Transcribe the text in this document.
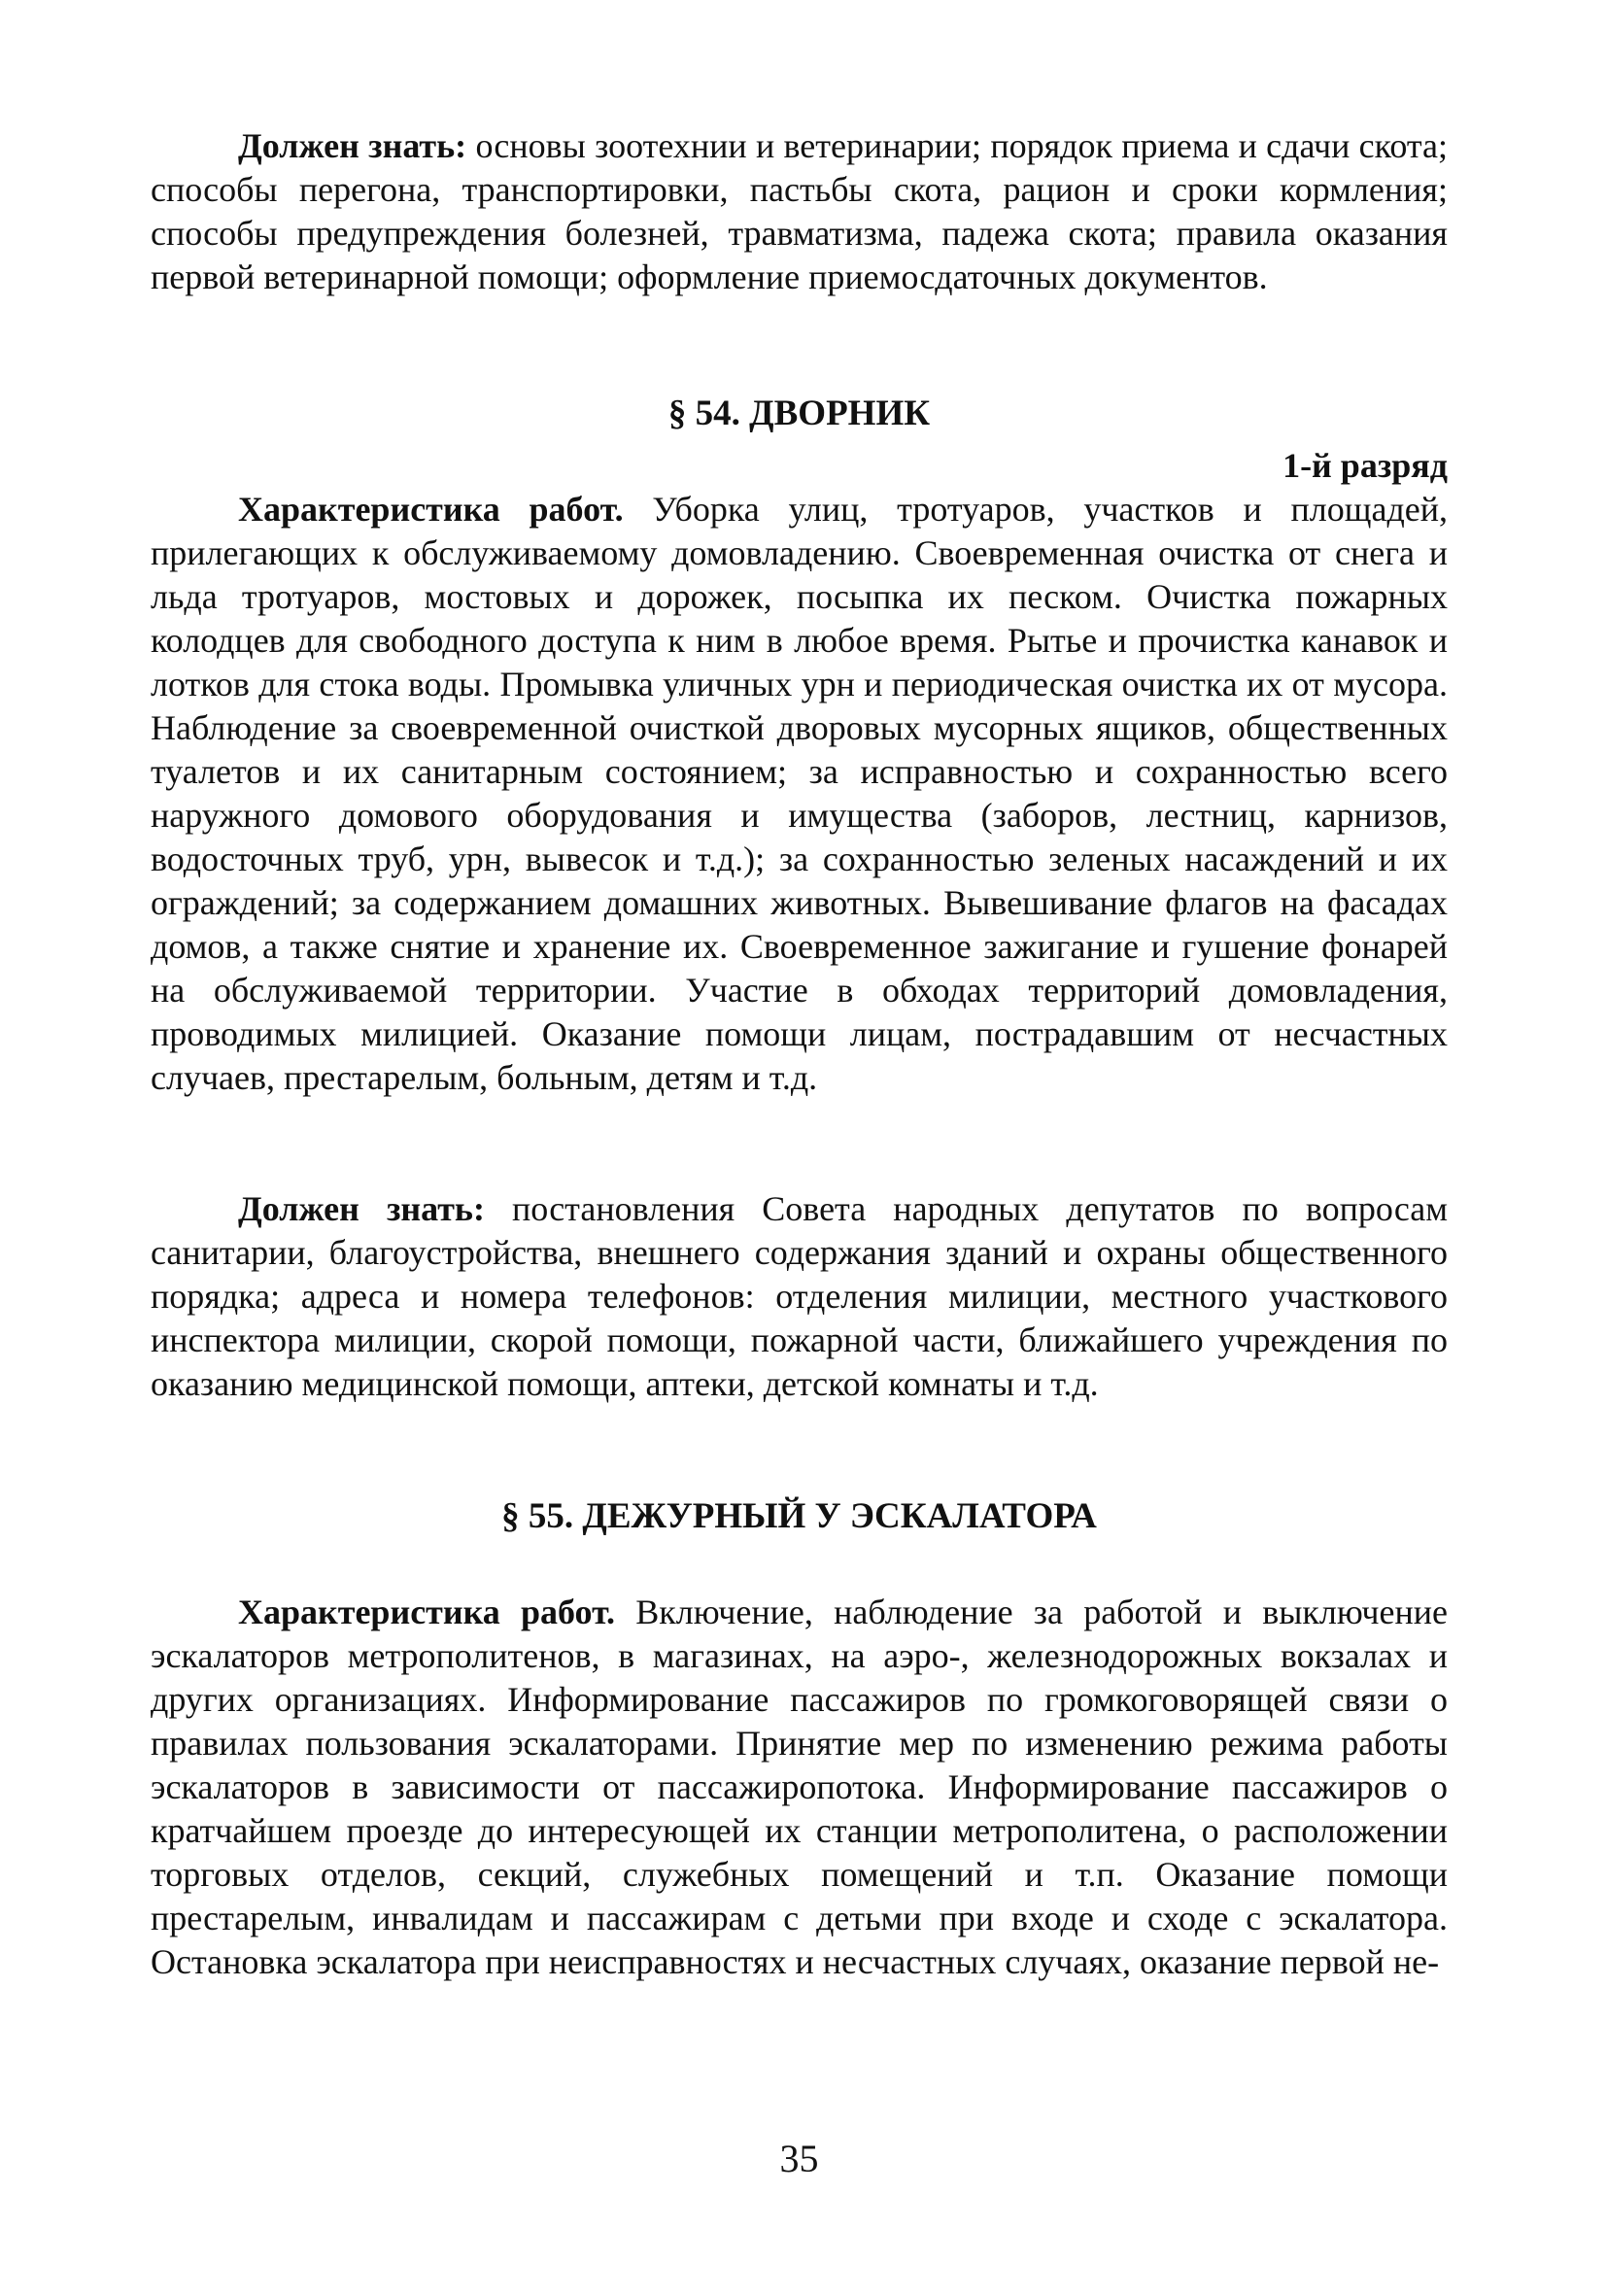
Должен знать: основы зоотехнии и ветеринарии; порядок приема и сдачи скота; способы перегона, транспортировки, пастьбы скота, рацион и сроки кормления; способы предупреждения болезней, травматизма, падежа скота; правила оказания первой ветеринарной помощи; оформление приемосдаточных документов.

§ 54. ДВОРНИК
1-й разряд

Характеристика работ. Уборка улиц, тротуаров, участков и площадей, прилегающих к обслуживаемому домовладению. Своевременная очистка от снега и льда тротуаров, мостовых и дорожек, посыпка их песком. Очистка пожарных колодцев для свободного доступа к ним в любое время. Рытье и прочистка канавок и лотков для стока воды. Промывка уличных урн и периодическая очистка их от мусора. Наблюдение за своевременной очисткой дворовых мусорных ящиков, общественных туалетов и их санитарным состоянием; за исправностью и сохранностью всего наружного домового оборудования и имущества (заборов, лестниц, карнизов, водосточных труб, урн, вывесок и т.д.); за сохранностью зеленых насаждений и их ограждений; за содержанием домашних животных. Вывешивание флагов на фасадах домов, а также снятие и хранение их. Своевременное зажигание и гушение фонарей на обслуживаемой территории. Участие в обходах территорий домовладения, проводимых милицией. Оказание помощи лицам, пострадавшим от несчастных случаев, престарелым, больным, детям и т.д.

Должен знать: постановления Совета народных депутатов по вопросам санитарии, благоустройства, внешнего содержания зданий и охраны общественного порядка; адреса и номера телефонов: отделения милиции, местного участкового инспектора милиции, скорой помощи, пожарной части, ближайшего учреждения по оказанию медицинской помощи, аптеки, детской комнаты и т.д.

§ 55. ДЕЖУРНЫЙ У ЭСКАЛАТОРА

Характеристика работ. Включение, наблюдение за работой и выключение эскалаторов метрополитенов, в магазинах, на аэро-, железнодорожных вокзалах и других организациях. Информирование пассажиров по громкоговорящей связи о правилах пользования эскалаторами. Принятие мер по изменению режима работы эскалаторов в зависимости от пассажиропотока. Информирование пассажиров о кратчайшем проезде до интересующей их станции метрополитена, о расположении торговых отделов, секций, служебных помещений и т.п. Оказание помощи престарелым, инвалидам и пассажирам с детьми при входе и сходе с эскалатора. Остановка эскалатора при неисправностях и несчастных случаях, оказание первой не-

35
